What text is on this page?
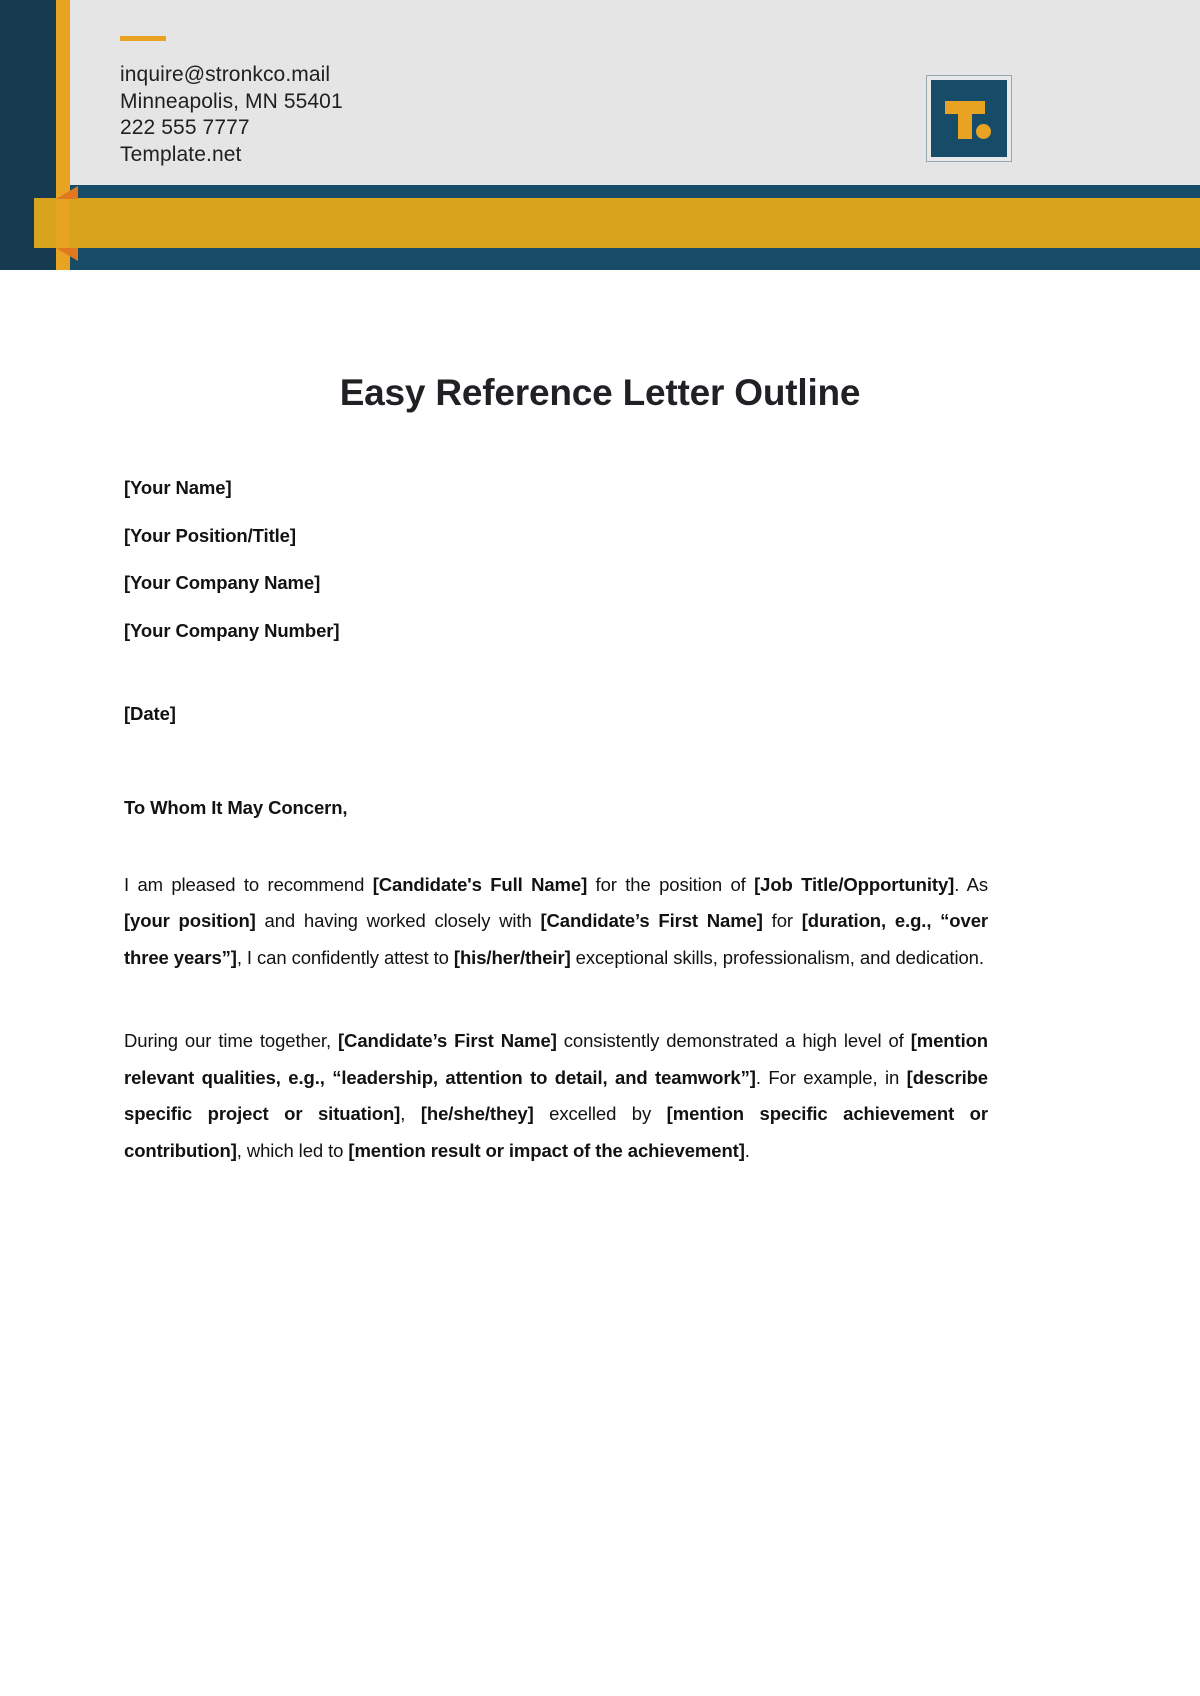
inquire@stronkco.mail
Minneapolis, MN 55401
222 555 7777
Template.net
Easy Reference Letter Outline
[Your Name]
[Your Position/Title]
[Your Company Name]
[Your Company Number]
[Date]
To Whom It May Concern,
I am pleased to recommend [Candidate's Full Name] for the position of [Job Title/Opportunity]. As [your position] and having worked closely with [Candidate’s First Name] for [duration, e.g., “over three years”], I can confidently attest to [his/her/their] exceptional skills, professionalism, and dedication.
During our time together, [Candidate’s First Name] consistently demonstrated a high level of [mention relevant qualities, e.g., “leadership, attention to detail, and teamwork”]. For example, in [describe specific project or situation], [he/she/they] excelled by [mention specific achievement or contribution], which led to [mention result or impact of the achievement].
